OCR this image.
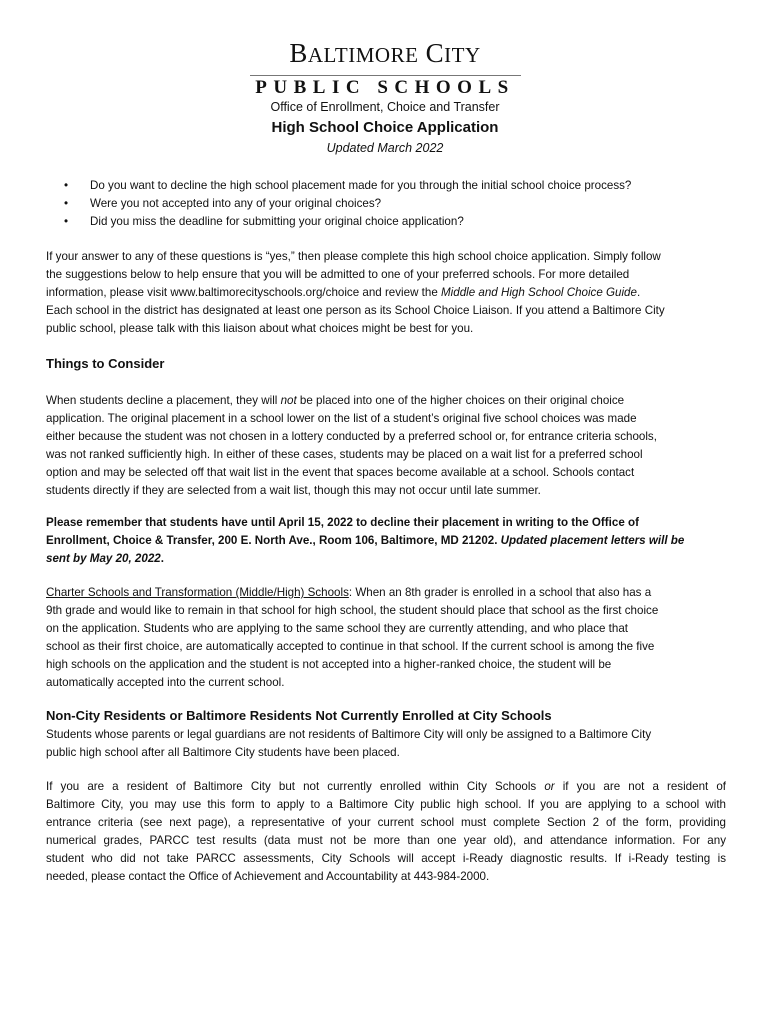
BALTIMORE CITY
PUBLIC SCHOOLS
Office of Enrollment, Choice and Transfer
High School Choice Application
Updated March 2022
• Do you want to decline the high school placement made for you through the initial school choice process?
• Were you not accepted into any of your original choices?
• Did you miss the deadline for submitting your original choice application?
If your answer to any of these questions is “yes,” then please complete this high school choice application. Simply follow
the suggestions below to help ensure that you will be admitted to one of your preferred schools. For more detailed
information, please visit www.baltimorecityschools.org/choice and review the Middle and High School Choice Guide.
Each school in the district has designated at least one person as its School Choice Liaison. If you attend a Baltimore City
public school, please talk with this liaison about what choices might be best for you.
Things to Consider
When students decline a placement, they will not be placed into one of the higher choices on their original choice
application. The original placement in a school lower on the list of a student’s original five school choices was made
either because the student was not chosen in a lottery conducted by a preferred school or, for entrance criteria schools,
was not ranked sufficiently high. In either of these cases, students may be placed on a wait list for a preferred school
option and may be selected off that wait list in the event that spaces become available at a school. Schools contact
students directly if they are selected from a wait list, though this may not occur until late summer.
Please remember that students have until April 15, 2022 to decline their placement in writing to the Office of
Enrollment, Choice & Transfer, 200 E. North Ave., Room 106, Baltimore, MD 21202. Updated placement letters will be
sent by May 20, 2022.
Charter Schools and Transformation (Middle/High) Schools: When an 8th grader is enrolled in a school that also has a
9th grade and would like to remain in that school for high school, the student should place that school as the first choice
on the application. Students who are applying to the same school they are currently attending, and who place that
school as their first choice, are automatically accepted to continue in that school. If the current school is among the five
high schools on the application and the student is not accepted into a higher-ranked choice, the student will be
automatically accepted into the current school.
Non-City Residents or Baltimore Residents Not Currently Enrolled at City Schools
Students whose parents or legal guardians are not residents of Baltimore City will only be assigned to a Baltimore City
public high school after all Baltimore City students have been placed.
If you are a resident of Baltimore City but not currently enrolled within City Schools or if you are not a resident of
Baltimore City, you may use this form to apply to a Baltimore City public high school. If you are applying to a school with
entrance criteria (see next page), a representative of your current school must complete Section 2 of the form, providing
numerical grades, PARCC test results (data must not be more than one year old), and attendance information. For any
student who did not take PARCC assessments, City Schools will accept i-Ready diagnostic results. If i-Ready testing is
needed, please contact the Office of Achievement and Accountability at 443-984-2000.
